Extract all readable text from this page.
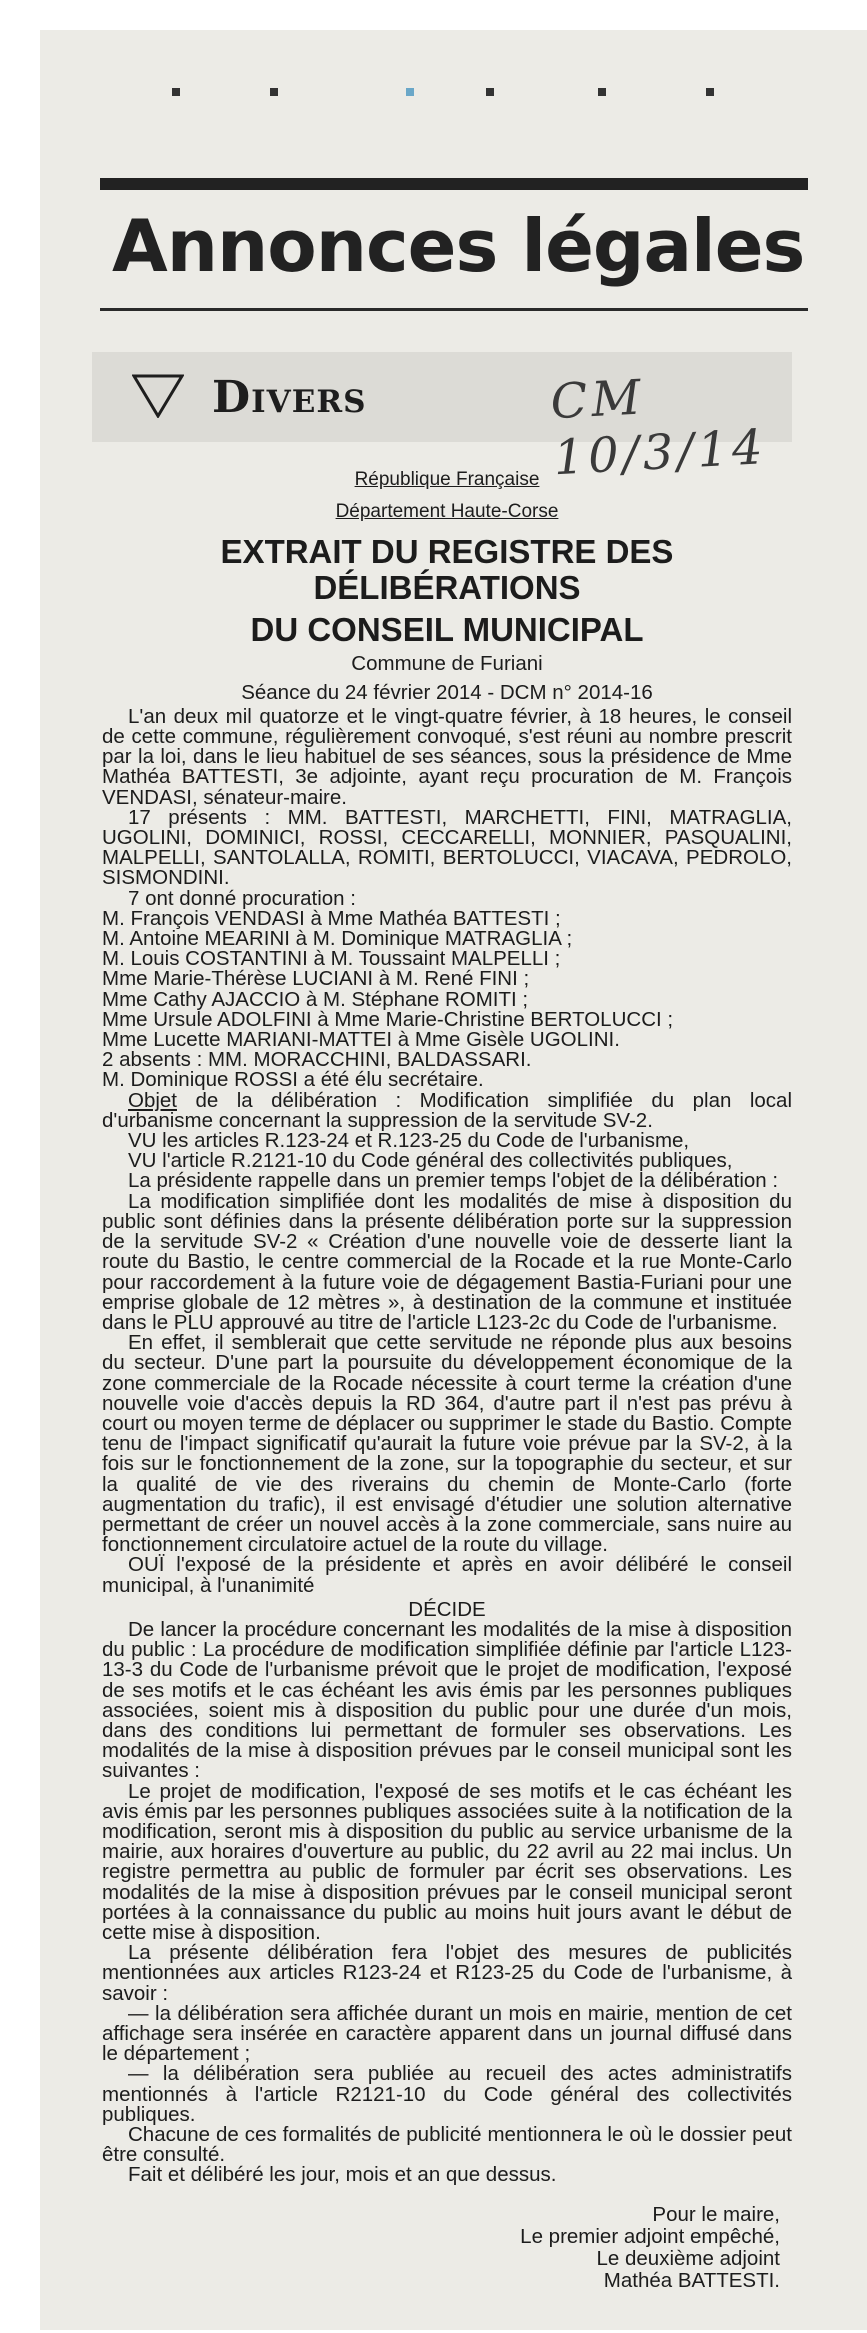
Annonces légales
Divers	CM 10/3/14
République Française
Département Haute-Corse
EXTRAIT DU REGISTRE DES DÉLIBÉRATIONS
DU CONSEIL MUNICIPAL
Commune de Furiani
Séance du 24 février 2014 - DCM n° 2014-16

L'an deux mil quatorze et le vingt-quatre février, à 18 heures, le conseil de cette commune, régulièrement convoqué, s'est réuni au nombre prescrit par la loi, dans le lieu habituel de ses séances, sous la présidence de Mme Mathéa BATTESTI, 3e adjointe, ayant reçu procuration de M. François VENDASI, sénateur-maire.

17 présents : MM. BATTESTI, MARCHETTI, FINI, MATRAGLIA, UGOLINI, DOMINICI, ROSSI, CECCARELLI, MONNIER, PASQUALINI, MALPELLI, SANTOLALLA, ROMITI, BERTOLUCCI, VIACAVA, PEDROLO, SISMONDINI.

7 ont donné procuration :

M. François VENDASI à Mme Mathéa BATTESTI ;

M. Antoine MEARINI à M. Dominique MATRAGLIA ;

M. Louis COSTANTINI à M. Toussaint MALPELLI ;

Mme Marie-Thérèse LUCIANI à M. René FINI ;

Mme Cathy AJACCIO à M. Stéphane ROMITI ;

Mme Ursule ADOLFINI à Mme Marie-Christine BERTOLUCCI ;

Mme Lucette MARIANI-MATTEI à Mme Gisèle UGOLINI.

2 absents : MM. MORACCHINI, BALDASSARI.

M. Dominique ROSSI a été élu secrétaire.

Objet de la délibération : Modification simplifiée du plan local d'urbanisme concernant la suppression de la servitude SV-2.

VU les articles R.123-24 et R.123-25 du Code de l'urbanisme,

VU l'article R.2121-10 du Code général des collectivités publiques,

La présidente rappelle dans un premier temps l'objet de la délibération :

La modification simplifiée dont les modalités de mise à disposition du public sont définies dans la présente délibération porte sur la suppression de la servitude SV-2 « Création d'une nouvelle voie de desserte liant la route du Bastio, le centre commercial de la Rocade et la rue Monte-Carlo pour raccordement à la future voie de dégagement Bastia-Furiani pour une emprise globale de 12 mètres », à destination de la commune et instituée dans le PLU approuvé au titre de l'article L123-2c du Code de l'urbanisme.

En effet, il semblerait que cette servitude ne réponde plus aux besoins du secteur. D'une part la poursuite du développement économique de la zone commerciale de la Rocade nécessite à court terme la création d'une nouvelle voie d'accès depuis la RD 364, d'autre part il n'est pas prévu à court ou moyen terme de déplacer ou supprimer le stade du Bastio. Compte tenu de l'impact significatif qu'aurait la future voie prévue par la SV-2, à la fois sur le fonctionnement de la zone, sur la topographie du secteur, et sur la qualité de vie des riverains du chemin de Monte-Carlo (forte augmentation du trafic), il est envisagé d'étudier une solution alternative permettant de créer un nouvel accès à la zone commerciale, sans nuire au fonctionnement circulatoire actuel de la route du village.

OUÏ l'exposé de la présidente et après en avoir délibéré le conseil municipal, à l'unanimité

DÉCIDE

De lancer la procédure concernant les modalités de la mise à disposition du public : La procédure de modification simplifiée définie par l'article L123-13-3 du Code de l'urbanisme prévoit que le projet de modification, l'exposé de ses motifs et le cas échéant les avis émis par les personnes publiques associées, soient mis à disposition du public pour une durée d'un mois, dans des conditions lui permettant de formuler ses observations. Les modalités de la mise à disposition prévues par le conseil municipal sont les suivantes :

Le projet de modification, l'exposé de ses motifs et le cas échéant les avis émis par les personnes publiques associées suite à la notification de la modification, seront mis à disposition du public au service urbanisme de la mairie, aux horaires d'ouverture au public, du 22 avril au 22 mai inclus. Un registre permettra au public de formuler par écrit ses observations. Les modalités de la mise à disposition prévues par le conseil municipal seront portées à la connaissance du public au moins huit jours avant le début de cette mise à disposition.

La présente délibération fera l'objet des mesures de publicités mentionnées aux articles R123-24 et R123-25 du Code de l'urbanisme, à savoir :

— la délibération sera affichée durant un mois en mairie, mention de cet affichage sera insérée en caractère apparent dans un journal diffusé dans le département ;

— la délibération sera publiée au recueil des actes administratifs mentionnés à l'article R2121-10 du Code général des collectivités publiques.

Chacune de ces formalités de publicité mentionnera le où le dossier peut être consulté.

Fait et délibéré les jour, mois et an que dessus.

Pour le maire,
Le premier adjoint empêché,
Le deuxième adjoint
Mathéa BATTESTI.
